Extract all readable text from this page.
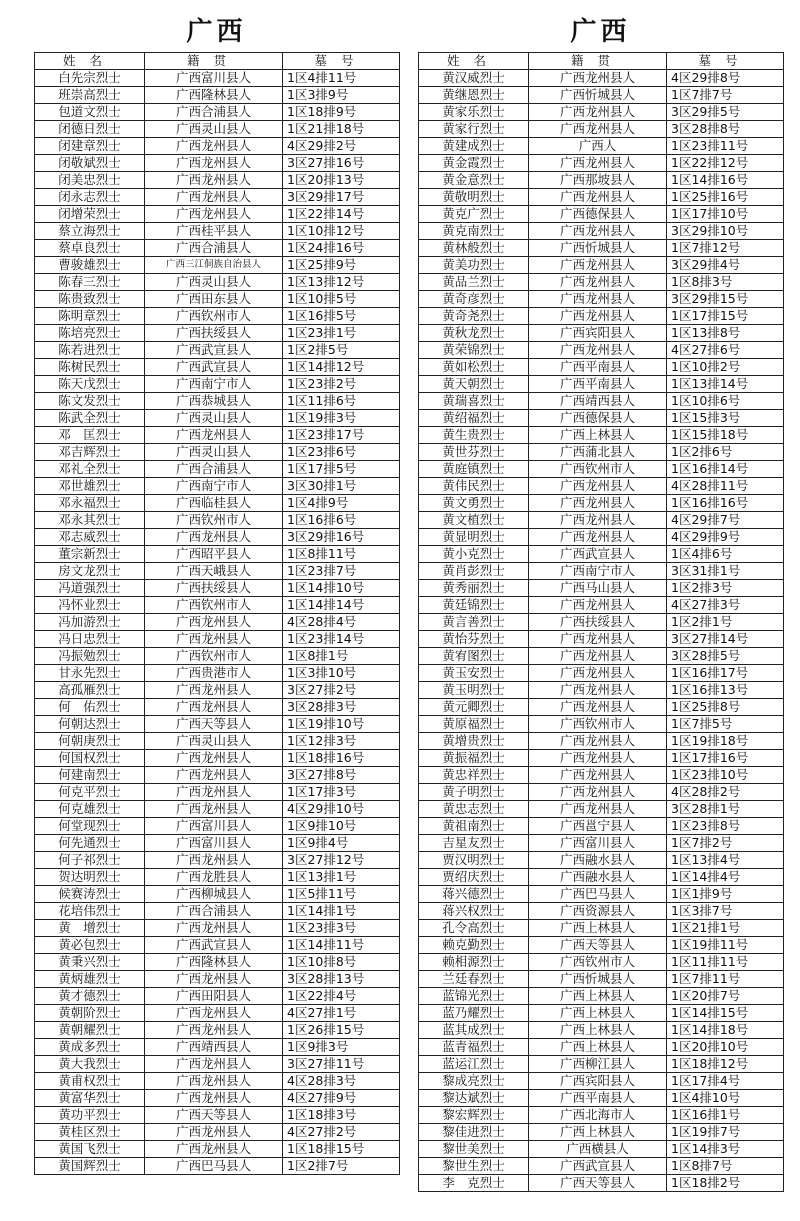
广西
姓名	籍贯	墓号
白先宗烈士	广西富川县人	1区4排11号
班崇高烈士	广西隆林县人	1区3排9号
包道文烈士	广西合浦县人	1区18排9号
闭德日烈士	广西灵山县人	1区21排18号
闭建章烈士	广西龙州县人	4区29排2号
闭敬斌烈士	广西龙州县人	3区27排16号
闭美忠烈士	广西龙州县人	1区20排13号
闭永志烈士	广西龙州县人	3区29排17号
闭增荣烈士	广西龙州县人	1区22排14号
蔡立海烈士	广西桂平县人	1区10排12号
蔡卓良烈士	广西合浦县人	1区24排16号
曹骏雄烈士	广西三江侗族自治县人	1区25排9号
陈春三烈士	广西灵山县人	1区13排12号
陈贵致烈士	广西田东县人	1区10排5号
陈明章烈士	广西钦州市人	1区16排5号
陈培亮烈士	广西扶绥县人	1区23排1号
陈若进烈士	广西武宣县人	1区2排5号
陈树民烈士	广西武宣县人	1区14排12号
陈天戊烈士	广西南宁市人	1区23排2号
陈文发烈士	广西恭城县人	1区11排6号
陈武全烈士	广西灵山县人	1区19排3号
邓　匡烈士	广西龙州县人	1区23排17号
邓吉辉烈士	广西灵山县人	1区23排6号
邓礼全烈士	广西合浦县人	1区17排5号
邓世雄烈士	广西南宁市人	3区30排1号
邓永福烈士	广西临桂县人	1区4排9号
邓永其烈士	广西钦州市人	1区16排6号
邓志威烈士	广西龙州县人	3区29排16号
董宗新烈士	广西昭平县人	1区8排11号
房文龙烈士	广西天峨县人	1区23排7号
冯道强烈士	广西扶绥县人	1区14排10号
冯怀业烈士	广西钦州市人	1区14排14号
冯加游烈士	广西龙州县人	4区28排4号
冯日忠烈士	广西龙州县人	1区23排14号
冯振勉烈士	广西钦州市人	1区8排1号
甘永先烈士	广西贵港市人	1区3排10号
高孤雁烈士	广西龙州县人	3区27排2号
何　佑烈士	广西龙州县人	3区28排3号
何朝达烈士	广西天等县人	1区19排10号
何朝庚烈士	广西灵山县人	1区12排3号
何国权烈士	广西龙州县人	1区18排16号
何建南烈士	广西龙州县人	3区27排8号
何克平烈士	广西龙州县人	1区17排3号
何克雄烈士	广西龙州县人	4区29排10号
何堂现烈士	广西富川县人	1区9排10号
何先通烈士	广西富川县人	1区9排4号
何子祁烈士	广西龙州县人	3区27排12号
贺达明烈士	广西龙胜县人	1区13排1号
候赛涛烈士	广西柳城县人	1区5排11号
花培伟烈士	广西合浦县人	1区14排1号
黄　增烈士	广西龙州县人	1区23排3号
黄必包烈士	广西武宣县人	1区14排11号
黄秉兴烈士	广西隆林县人	1区10排8号
黄炳雄烈士	广西龙州县人	3区28排13号
黄才德烈士	广西田阳县人	1区22排4号
黄朝阶烈士	广西龙州县人	4区27排1号
黄朝耀烈士	广西龙州县人	1区26排15号
黄成多烈士	广西靖西县人	1区9排3号
黄大我烈士	广西龙州县人	3区27排11号
黄甫权烈士	广西龙州县人	4区28排3号
黄富华烈士	广西龙州县人	4区27排9号
黄功平烈士	广西天等县人	1区18排3号
黄桂区烈士	广西龙州县人	4区27排2号
黄国飞烈士	广西龙州县人	1区18排15号
黄国辉烈士	广西巴马县人	1区2排7号
广西
姓名	籍贯	墓号
黄汉威烈士	广西龙州县人	4区29排8号
黄继恩烈士	广西忻城县人	1区7排7号
黄家乐烈士	广西龙州县人	3区29排5号
黄家行烈士	广西龙州县人	3区28排8号
黄建成烈士	广西人	1区23排11号
黄金霞烈士	广西龙州县人	1区22排12号
黄金意烈士	广西那坡县人	1区14排16号
黄敬明烈士	广西龙州县人	1区25排16号
黄克广烈士	广西德保县人	1区17排10号
黄克南烈士	广西龙州县人	3区29排10号
黄林般烈士	广西忻城县人	1区7排12号
黄美功烈士	广西龙州县人	3区29排4号
黄品兰烈士	广西龙州县人	1区8排3号
黄奇彦烈士	广西龙州县人	3区29排15号
黄奇尧烈士	广西龙州县人	1区17排15号
黄秋龙烈士	广西宾阳县人	1区13排8号
黄荣锦烈士	广西龙州县人	4区27排6号
黄如松烈士	广西平南县人	1区10排2号
黄天朝烈士	广西平南县人	1区13排14号
黄瑞喜烈士	广西靖西县人	1区10排6号
黄绍福烈士	广西德保县人	1区15排3号
黄生贵烈士	广西上林县人	1区15排18号
黄世芬烈士	广西蒲北县人	1区2排6号
黄庭镇烈士	广西钦州市人	1区16排14号
黄伟民烈士	广西龙州县人	4区28排11号
黄文勇烈士	广西龙州县人	1区16排16号
黄文植烈士	广西龙州县人	4区29排7号
黄显明烈士	广西龙州县人	4区29排9号
黄小克烈士	广西武宣县人	1区4排6号
黄肖彭烈士	广西南宁市人	3区31排1号
黄秀丽烈士	广西马山县人	1区2排3号
黄廷锦烈士	广西龙州县人	4区27排3号
黄言善烈士	广西扶绥县人	1区2排1号
黄怡芬烈士	广西龙州县人	3区27排14号
黄宥图烈士	广西龙州县人	3区28排5号
黄玉安烈士	广西龙州县人	1区16排17号
黄玉明烈士	广西龙州县人	1区16排13号
黄元卿烈士	广西龙州县人	1区25排8号
黄原福烈士	广西钦州市人	1区7排5号
黄增贵烈士	广西龙州县人	1区19排18号
黄振福烈士	广西龙州县人	1区17排16号
黄忠祥烈士	广西龙州县人	1区23排10号
黄子明烈士	广西龙州县人	4区28排2号
黄忠志烈士	广西龙州县人	3区28排1号
黄祖南烈士	广西邕宁县人	1区23排8号
吉星友烈士	广西富川县人	1区7排2号
贾汉明烈士	广西融水县人	1区13排4号
贾绍庆烈士	广西融水县人	1区14排4号
蒋兴德烈士	广西巴马县人	1区1排9号
蒋兴权烈士	广西资源县人	1区3排7号
孔令高烈士	广西上林县人	1区21排1号
赖克勤烈士	广西天等县人	1区19排11号
赖相源烈士	广西钦州市人	1区11排11号
兰廷春烈士	广西忻城县人	1区7排11号
蓝锦光烈士	广西上林县人	1区20排7号
蓝乃耀烈士	广西上林县人	1区14排15号
蓝其成烈士	广西上林县人	1区14排18号
蓝青福烈士	广西上林县人	1区20排10号
蓝运江烈士	广西柳江县人	1区18排12号
黎成亮烈士	广西宾阳县人	1区17排4号
黎达斌烈士	广西平南县人	1区4排10号
黎宏辉烈士	广西北海市人	1区16排1号
黎佳进烈士	广西上林县人	1区19排7号
黎世美烈士	广西横县人	1区14排3号
黎世生烈士	广西武宣县人	1区8排7号
李　克烈士	广西天等县人	1区18排2号
